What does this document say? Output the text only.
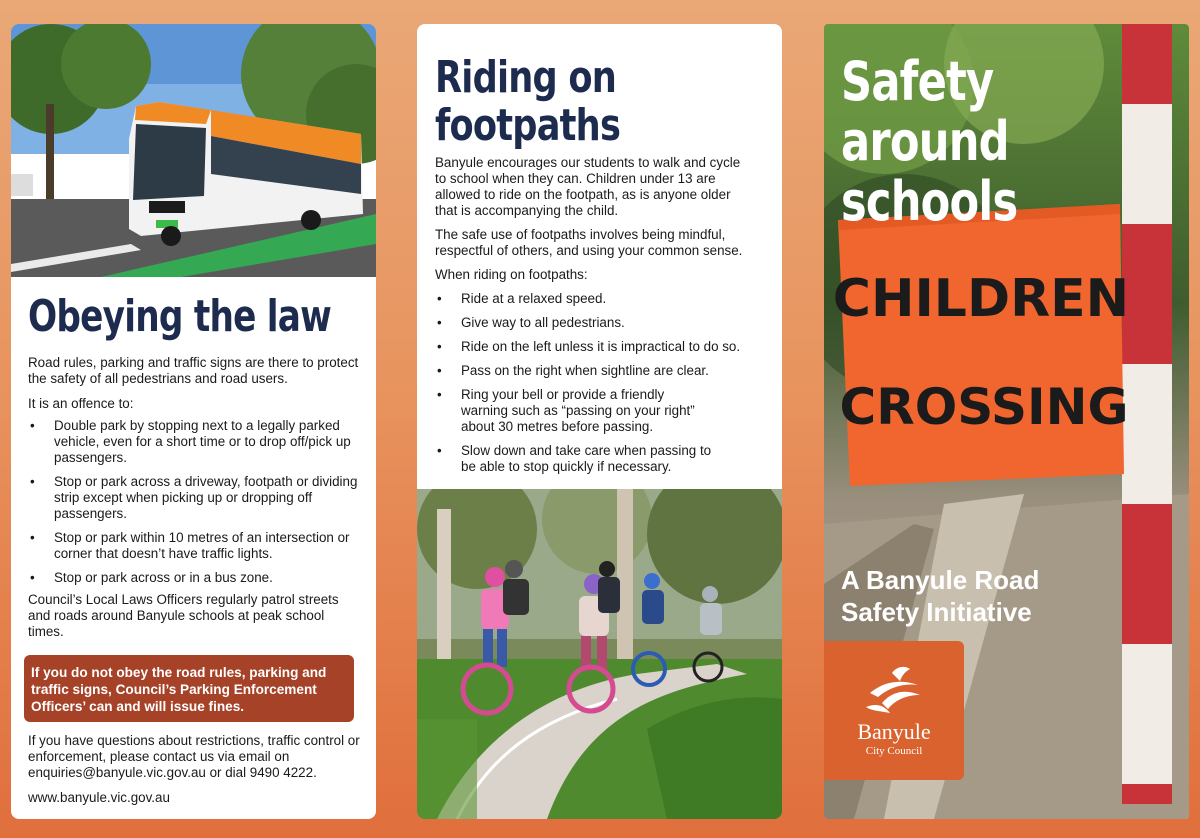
Obeying the law

Road rules, parking and traffic signs are there to protect the safety of all pedestrians and road users.

It is an offence to:

• Double park by stopping next to a legally parked vehicle, even for a short time or to drop off/pick up passengers.
• Stop or park across a driveway, footpath or dividing strip except when picking up or dropping off passengers.
• Stop or park within 10 metres of an intersection or corner that doesn’t have traffic lights.
• Stop or park across or in a bus zone.

Council’s Local Laws Officers regularly patrol streets and roads around Banyule schools at peak school times.

If you do not obey the road rules, parking and traffic signs, Council’s Parking Enforcement Officers’ can and will issue fines.

If you have questions about restrictions, traffic control or enforcement, please contact us via email on enquiries@banyule.vic.gov.au or dial 9490 4222.

www.banyule.vic.gov.au

Riding on footpaths

Banyule encourages our students to walk and cycle to school when they can. Children under 13 are allowed to ride on the footpath, as is anyone older that is accompanying the child.

The safe use of footpaths involves being mindful, respectful of others, and using your common sense.

When riding on footpaths:

• Ride at a relaxed speed.
• Give way to all pedestrians.
• Ride on the left unless it is impractical to do so.
• Pass on the right when sightline are clear.
• Ring your bell or provide a friendly warning such as “passing on your right” about 30 metres before passing.
• Slow down and take care when passing to be able to stop quickly if necessary.
CHILDREN
CROSSING
Safety around schools

A Banyule Road Safety Initiative

Banyule
City Council
